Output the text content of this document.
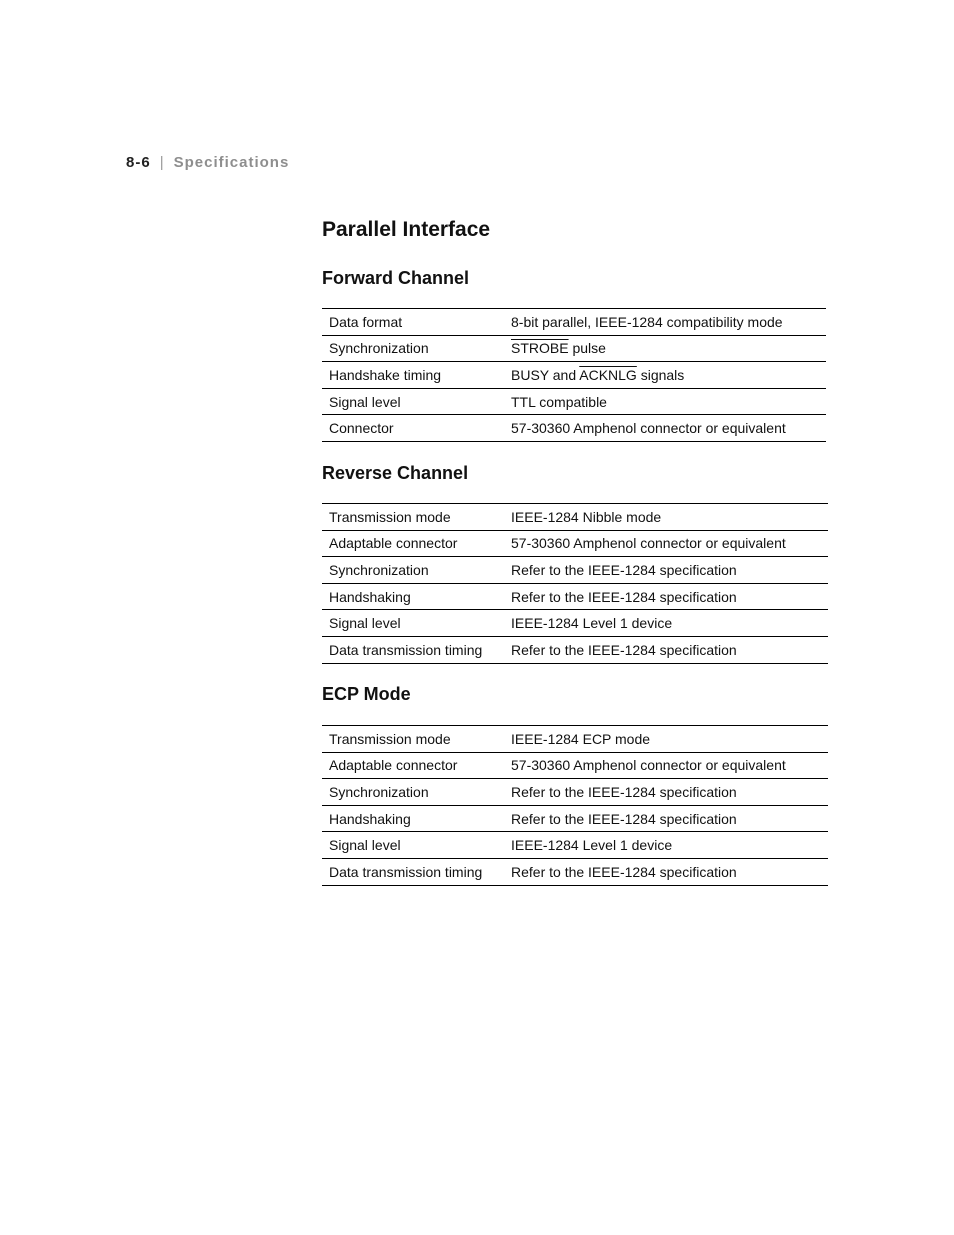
8-6 | Specifications
Parallel Interface
Forward Channel
Data format	8-bit parallel, IEEE-1284 compatibility mode
Synchronization	STROBE pulse
Handshake timing	BUSY and ACKNLG signals
Signal level	TTL compatible
Connector	57-30360 Amphenol connector or equivalent
Reverse Channel
Transmission mode	IEEE-1284 Nibble mode
Adaptable connector	57-30360 Amphenol connector or equivalent
Synchronization	Refer to the IEEE-1284 specification
Handshaking	Refer to the IEEE-1284 specification
Signal level	IEEE-1284 Level 1 device
Data transmission timing	Refer to the IEEE-1284 specification
ECP Mode
Transmission mode	IEEE-1284 ECP mode
Adaptable connector	57-30360 Amphenol connector or equivalent
Synchronization	Refer to the IEEE-1284 specification
Handshaking	Refer to the IEEE-1284 specification
Signal level	IEEE-1284 Level 1 device
Data transmission timing	Refer to the IEEE-1284 specification
